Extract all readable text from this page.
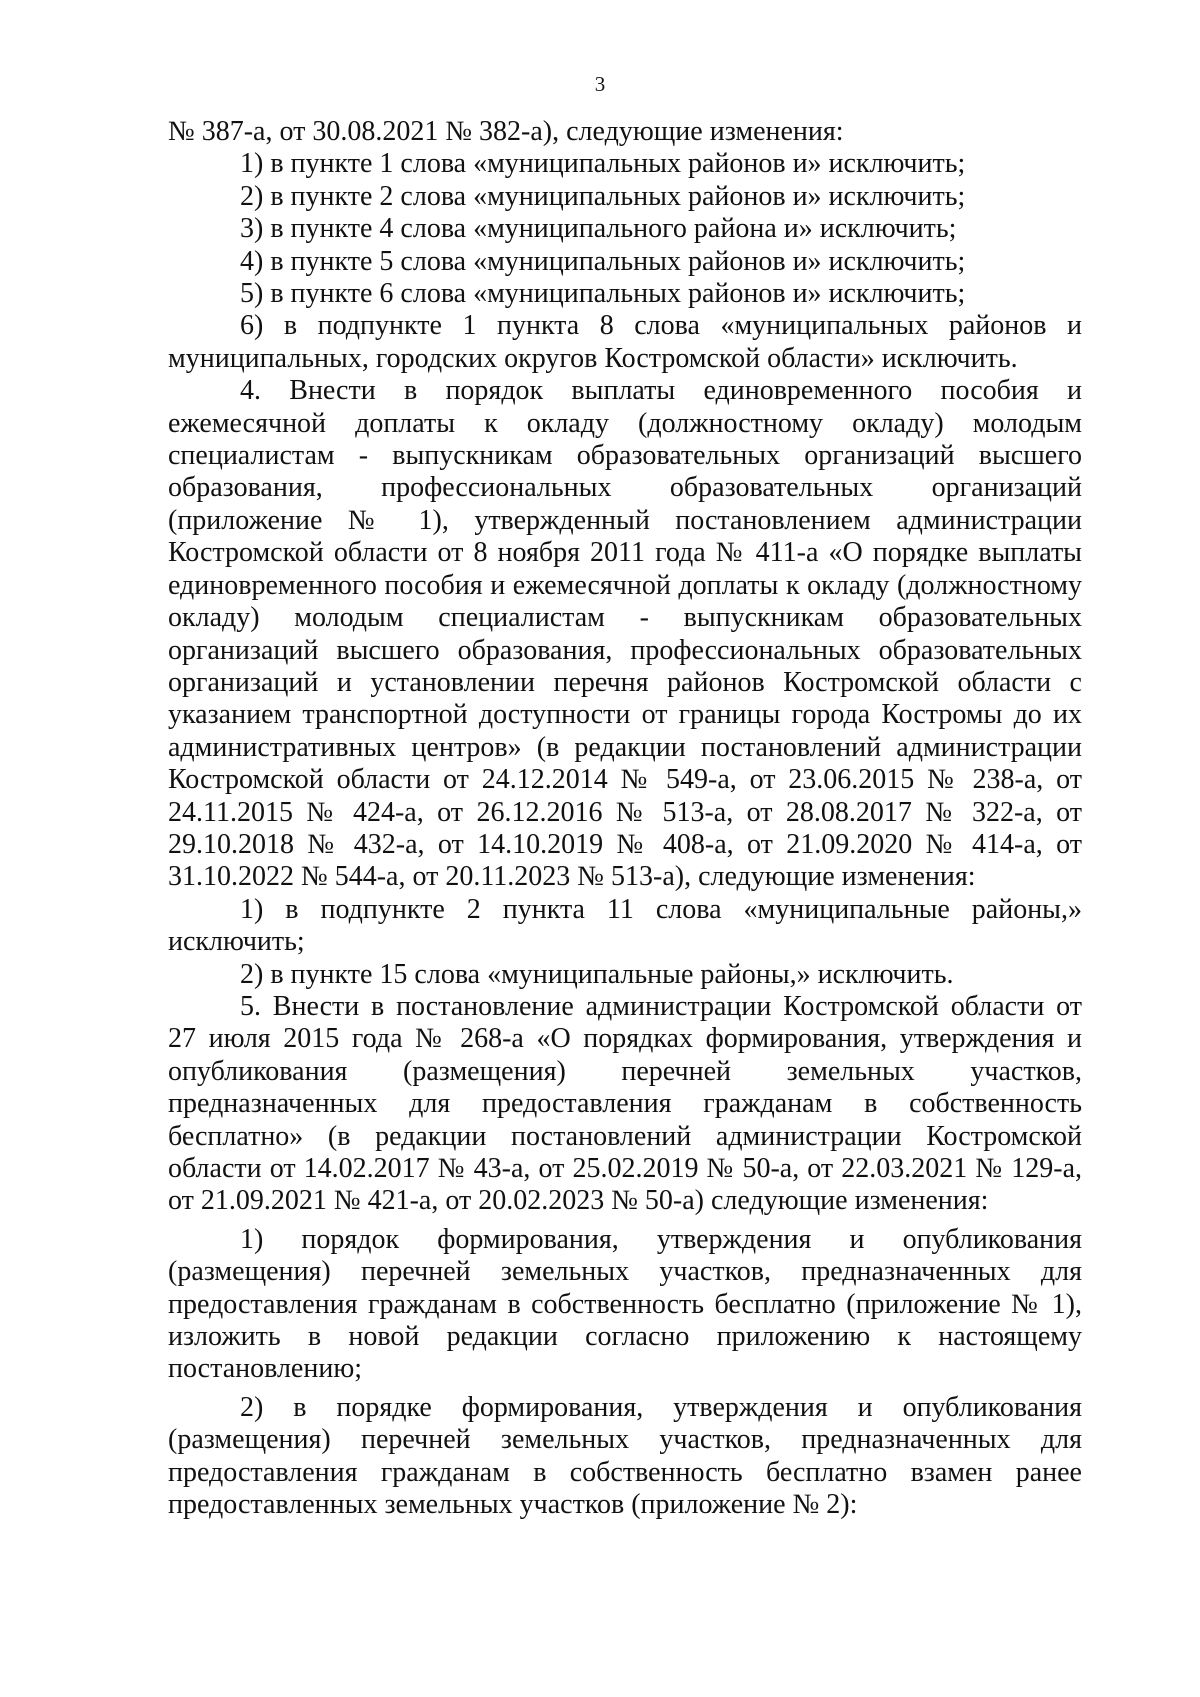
3

№ 387-а, от 30.08.2021 № 382-а), следующие изменения:

1) в пункте 1 слова «муниципальных районов и» исключить;

2) в пункте 2 слова «муниципальных районов и» исключить;

3) в пункте 4 слова «муниципального района и» исключить;

4) в пункте 5 слова «муниципальных районов и» исключить;

5) в пункте 6 слова «муниципальных районов и» исключить;

6) в подпункте 1 пункта 8 слова «муниципальных районов и муниципальных, городских округов Костромской области» исключить.

4. Внести в порядок выплаты единовременного пособия и ежемесячной доплаты к окладу (должностному окладу) молодым специалистам - выпускникам образовательных организаций высшего образования, профессиональных образовательных организаций (приложение № 1), утвержденный постановлением администрации Костромской области от 8 ноября 2011 года № 411-а «О порядке выплаты единовременного пособия и ежемесячной доплаты к окладу (должностному окладу) молодым специалистам - выпускникам образовательных организаций высшего образования, профессиональных образовательных организаций и установлении перечня районов Костромской области с указанием транспортной доступности от границы города Костромы до их административных центров» (в редакции постановлений администрации Костромской области от 24.12.2014 № 549-а, от 23.06.2015 № 238-а, от 24.11.2015 № 424-а, от 26.12.2016 № 513-а, от 28.08.2017 № 322-а, от 29.10.2018 № 432-а, от 14.10.2019 № 408-а, от 21.09.2020 № 414-а, от 31.10.2022 № 544-а, от 20.11.2023 № 513-а), следующие изменения:

1) в подпункте 2 пункта 11 слова «муниципальные районы,» исключить;

2) в пункте 15 слова «муниципальные районы,» исключить.

5. Внести в постановление администрации Костромской области от 27 июля 2015 года № 268-а «О порядках формирования, утверждения и опубликования (размещения) перечней земельных участков, предназначенных для предоставления гражданам в собственность бесплатно» (в редакции постановлений администрации Костромской области от 14.02.2017 № 43-а, от 25.02.2019 № 50-а, от 22.03.2021 № 129-а, от 21.09.2021 № 421-а, от 20.02.2023 № 50-а) следующие изменения:

1) порядок формирования, утверждения и опубликования (размещения) перечней земельных участков, предназначенных для предоставления гражданам в собственность бесплатно (приложение № 1), изложить в новой редакции согласно приложению к настоящему постановлению;

2) в порядке формирования, утверждения и опубликования (размещения) перечней земельных участков, предназначенных для предоставления гражданам в собственность бесплатно взамен ранее предоставленных земельных участков (приложение № 2):
